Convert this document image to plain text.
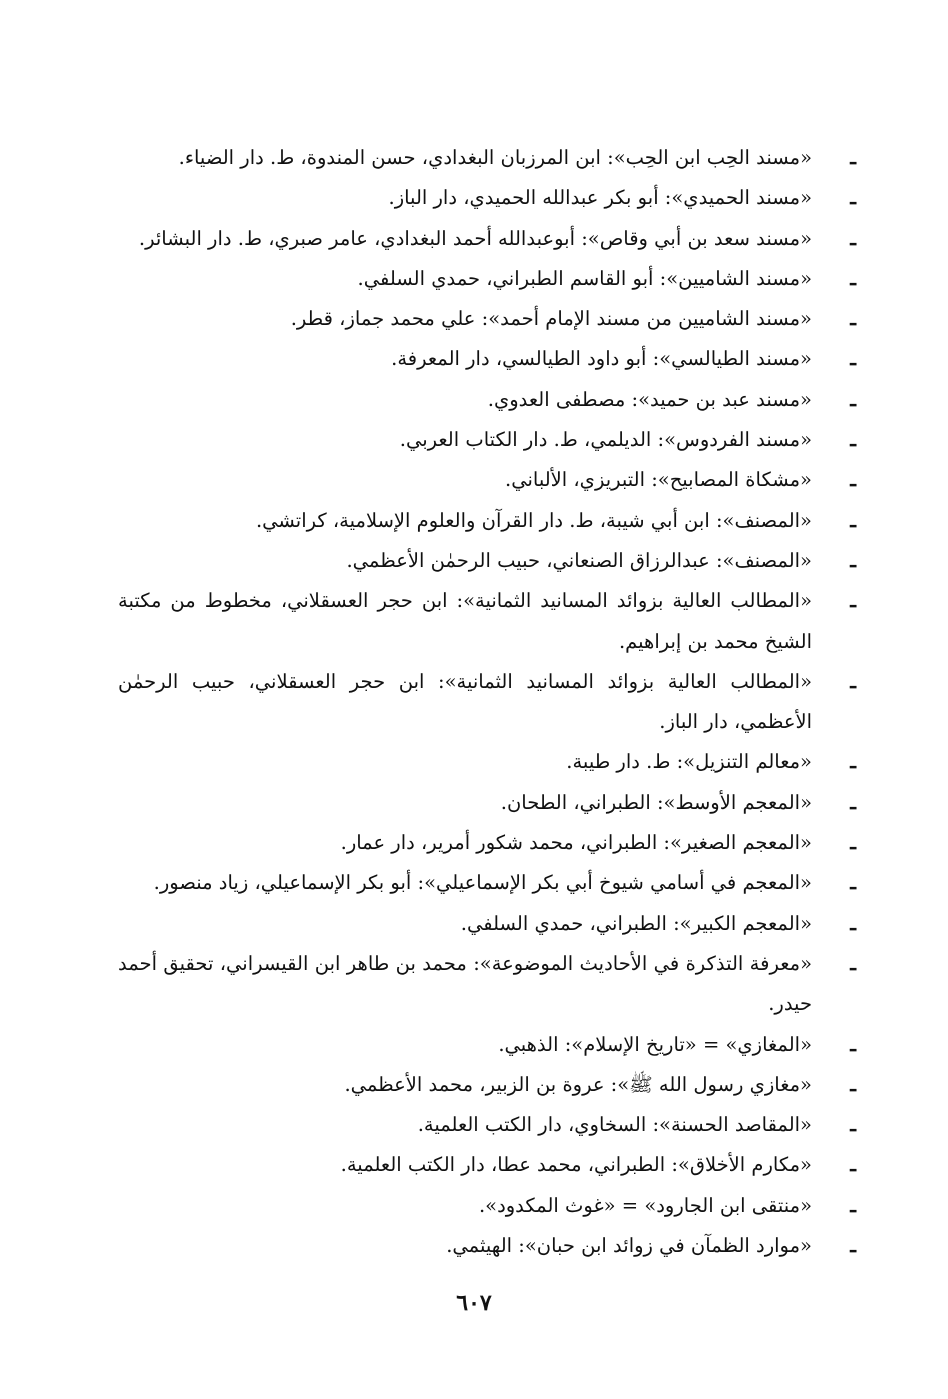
ـ
«مسند الحِب ابن الحِب»: ابن المرزبان البغدادي، حسن المندوة، ط. دار الضياء.
ـ
«مسند الحميدي»: أبو بكر عبدالله الحميدي، دار الباز.
ـ
«مسند سعد بن أبي وقاص»: أبوعبدالله أحمد البغدادي، عامر صبري، ط. دار البشائر.
ـ
«مسند الشاميين»: أبو القاسم الطبراني، حمدي السلفي.
ـ
«مسند الشاميين من مسند الإمام أحمد»: علي محمد جماز، قطر.
ـ
«مسند الطيالسي»: أبو داود الطيالسي، دار المعرفة.
ـ
«مسند عبد بن حميد»: مصطفى العدوي.
ـ
«مسند الفردوس»: الديلمي، ط. دار الكتاب العربي.
ـ
«مشكاة المصابيح»: التبريزي، الألباني.
ـ
«المصنف»: ابن أبي شيبة، ط. دار القرآن والعلوم الإسلامية، كراتشي.
ـ
«المصنف»: عبدالرزاق الصنعاني، حبيب الرحمٰن الأعظمي.
ـ
«المطالب العالية بزوائد المسانيد الثمانية»: ابن حجر العسقلاني، مخطوط من مكتبة الشيخ محمد بن إبراهيم.
ـ
«المطالب العالية بزوائد المسانيد الثمانية»: ابن حجر العسقلاني، حبيب الرحمٰن الأعظمي، دار الباز.
ـ
«معالم التنزيل»: ط. دار طيبة.
ـ
«المعجم الأوسط»: الطبراني، الطحان.
ـ
«المعجم الصغير»: الطبراني، محمد شكور أمرير، دار عمار.
ـ
«المعجم في أسامي شيوخ أبي بكر الإسماعيلي»: أبو بكر الإسماعيلي، زياد منصور.
ـ
«المعجم الكبير»: الطبراني، حمدي السلفي.
ـ
«معرفة التذكرة في الأحاديث الموضوعة»: محمد بن طاهر ابن القيسراني، تحقيق أحمد حيدر.
ـ
«المغازي» = «تاريخ الإسلام»: الذهبي.
ـ
«مغازي رسول الله ﷺ»: عروة بن الزبير، محمد الأعظمي.
ـ
«المقاصد الحسنة»: السخاوي، دار الكتب العلمية.
ـ
«مكارم الأخلاق»: الطبراني، محمد عطا، دار الكتب العلمية.
ـ
«منتقى ابن الجارود» = «غوث المكدود».
ـ
«موارد الظمآن في زوائد ابن حبان»: الهيثمي.
٦٠٧
